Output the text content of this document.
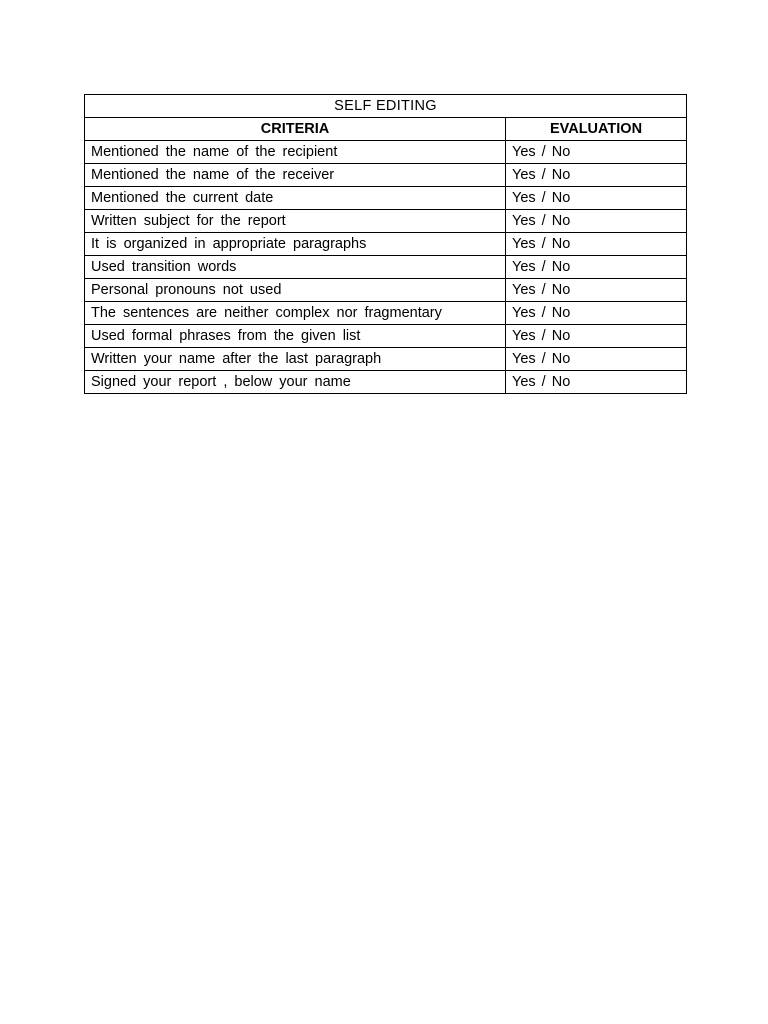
SELF EDITING	
CRITERIA	EVALUATION
Mentioned the name of the recipient	Yes / No
Mentioned the name of the receiver	Yes / No
Mentioned the current date	Yes / No
Written subject for the report	Yes / No
It is organized in appropriate paragraphs	Yes / No
Used transition words	Yes / No
Personal pronouns not used	Yes / No
The sentences are neither complex nor fragmentary	Yes / No
Used formal phrases from the given list	Yes / No
Written your name after the last paragraph	Yes / No
Signed your report , below your name	Yes / No
